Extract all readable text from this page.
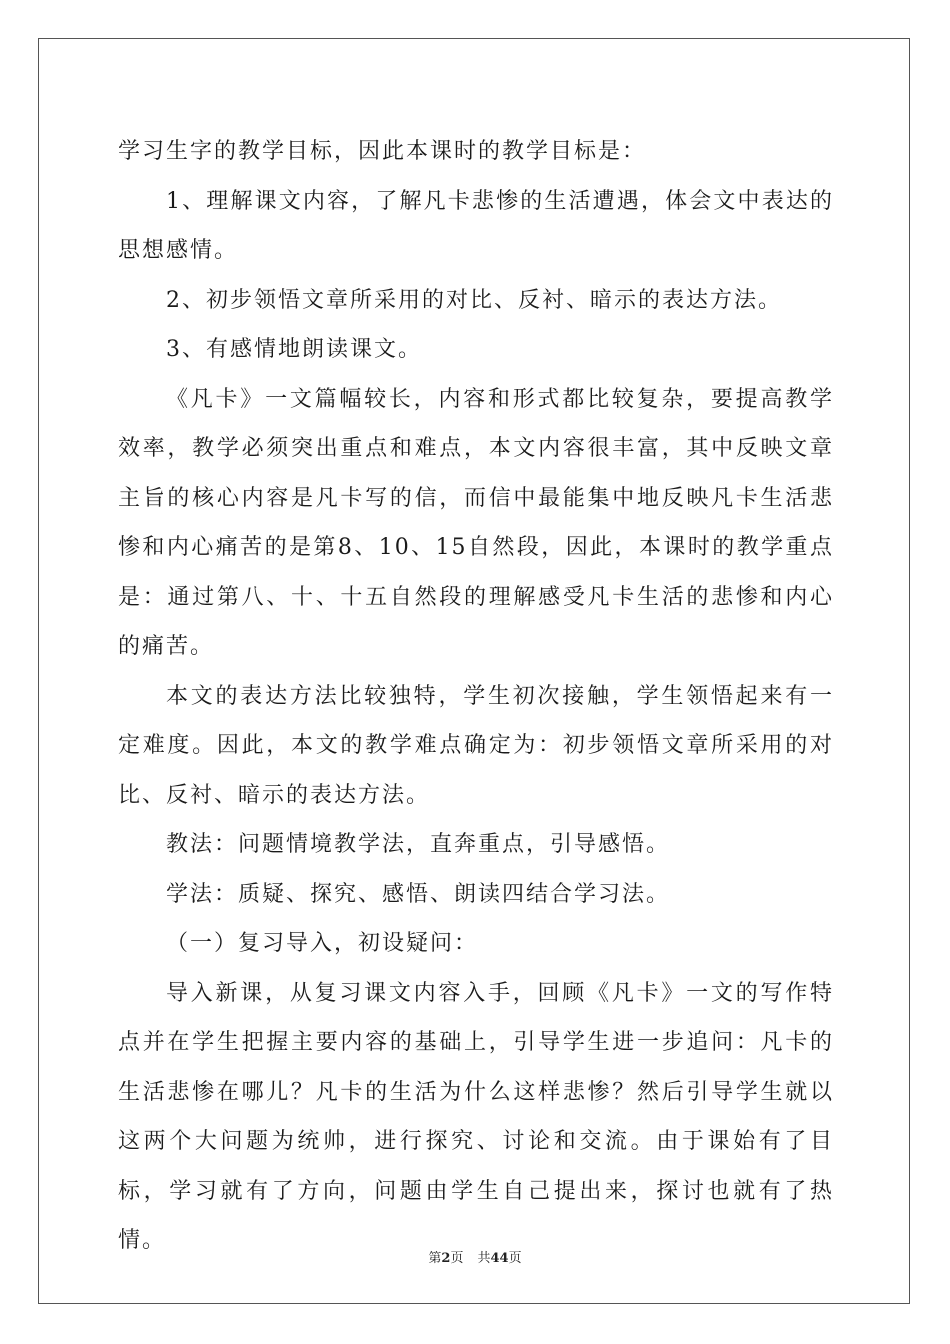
学习生字的教学目标，因此本课时的教学目标是：

1、理解课文内容，了解凡卡悲惨的生活遭遇，体会文中表达的思想感情。

2、初步领悟文章所采用的对比、反衬、暗示的表达方法。

3、有感情地朗读课文。

《凡卡》一文篇幅较长，内容和形式都比较复杂，要提高教学效率，教学必须突出重点和难点，本文内容很丰富，其中反映文章主旨的核心内容是凡卡写的信，而信中最能集中地反映凡卡生活悲惨和内心痛苦的是第8、10、15自然段，因此，本课时的教学重点是：通过第八、十、十五自然段的理解感受凡卡生活的悲惨和内心的痛苦。

本文的表达方法比较独特，学生初次接触，学生领悟起来有一定难度。因此，本文的教学难点确定为：初步领悟文章所采用的对比、反衬、暗示的表达方法。

教法：问题情境教学法，直奔重点，引导感悟。

学法：质疑、探究、感悟、朗读四结合学习法。

（一）复习导入，初设疑问：

导入新课，从复习课文内容入手，回顾《凡卡》一文的写作特点并在学生把握主要内容的基础上，引导学生进一步追问：凡卡的生活悲惨在哪儿？凡卡的生活为什么这样悲惨？然后引导学生就以这两个大问题为统帅，进行探究、讨论和交流。由于课始有了目标，学习就有了方向，问题由学生自己提出来，探讨也就有了热情。

第2页 共44页
